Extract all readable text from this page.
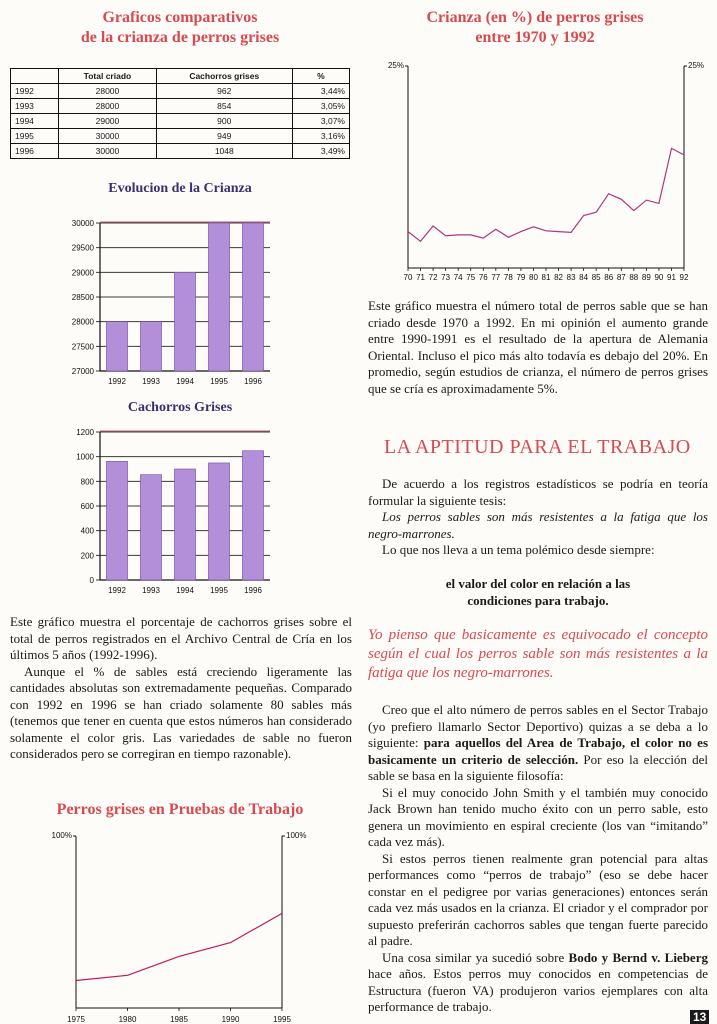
Graficos comparativos
de la crianza de perros grises
	Total criado	Cachorros grises	%
1992	28000	962	3,44%
1993	28000	854	3,05%
1994	29000	900	3,07%
1995	30000	949	3,16%
1996	30000	1048	3,49%
Evolucion de la Crianza
30000
29500
29000
28500
28000
27500
27000
1992 1993 1994 1995 1996
Cachorros Grises
1200
1000
800
600
400
200
0
1992 1993 1994 1995 1996

Este gráfico muestra el porcentaje de cachorros grises sobre el total de perros registrados en el Archivo Central de Cría en los últimos 5 años (1992-1996).

Aunque el % de sables está creciendo ligeramente las cantidades absolutas son extremadamente pequeñas. Comparado con 1992 en 1996 se han criado solamente 80 sables más (tenemos que tener en cuenta que estos números han considerado solamente el color gris. Las variedades de sable no fueron considerados pero se corregiran en tiempo razonable).

Perros grises en Pruebas de Trabajo
100%	100%
1975	1980	1985	1990	1995
Crianza (en %) de perros grises
entre 1970 y 1992
25%	25%
70 71 72 73 74 75 76 77 78 79 80 81 82 83 84 85 86 87 88 89 90 91 92

Este gráfico muestra el número total de perros sable que se han criado desde 1970 a 1992. En mi opinión el aumento grande entre 1990-1991 es el resultado de la apertura de Alemania Oriental. Incluso el pico más alto todavía es debajo del 20%. En promedio, según estudios de crianza, el número de perros grises que se cría es aproximadamente 5%.

LA APTITUD PARA EL TRABAJO

De acuerdo a los registros estadísticos se podría en teoría formular la siguiente tesis:

Los perros sables son más resistentes a la fatiga que los negro-marrones.

Lo que nos lleva a un tema polémico desde siempre:

el valor del color en relación a las
condiciones para trabajo.
Yo pienso que basicamente es equivocado el concepto según el cual los perros sable son más resistentes a la fatiga que los negro-marrones.

Creo que el alto número de perros sables en el Sector Trabajo (yo prefiero llamarlo Sector Deportivo) quizas a se deba a lo siguiente: para aquellos del Area de Trabajo, el color no es basicamente un criterio de selección. Por eso la elección del sable se basa en la siguiente filosofía:

Si el muy conocido John Smith y el también muy conocido Jack Brown han tenido mucho éxito con un perro sable, esto genera un movimiento en espiral creciente (los van “imitando” cada vez más).

Si estos perros tienen realmente gran potencial para altas performances como “perros de trabajo” (eso se debe hacer constar en el pedigree por varias generaciones) entonces serán cada vez más usados en la crianza. El criador y el comprador por supuesto preferirán cachorros sables que tengan fuerte parecido al padre.

Una cosa similar ya sucedió sobre Bodo y Bernd v. Lieberg hace años. Estos perros muy conocidos en competencias de Estructura (fueron VA) produjeron varios ejemplares con alta performance de trabajo.

13
